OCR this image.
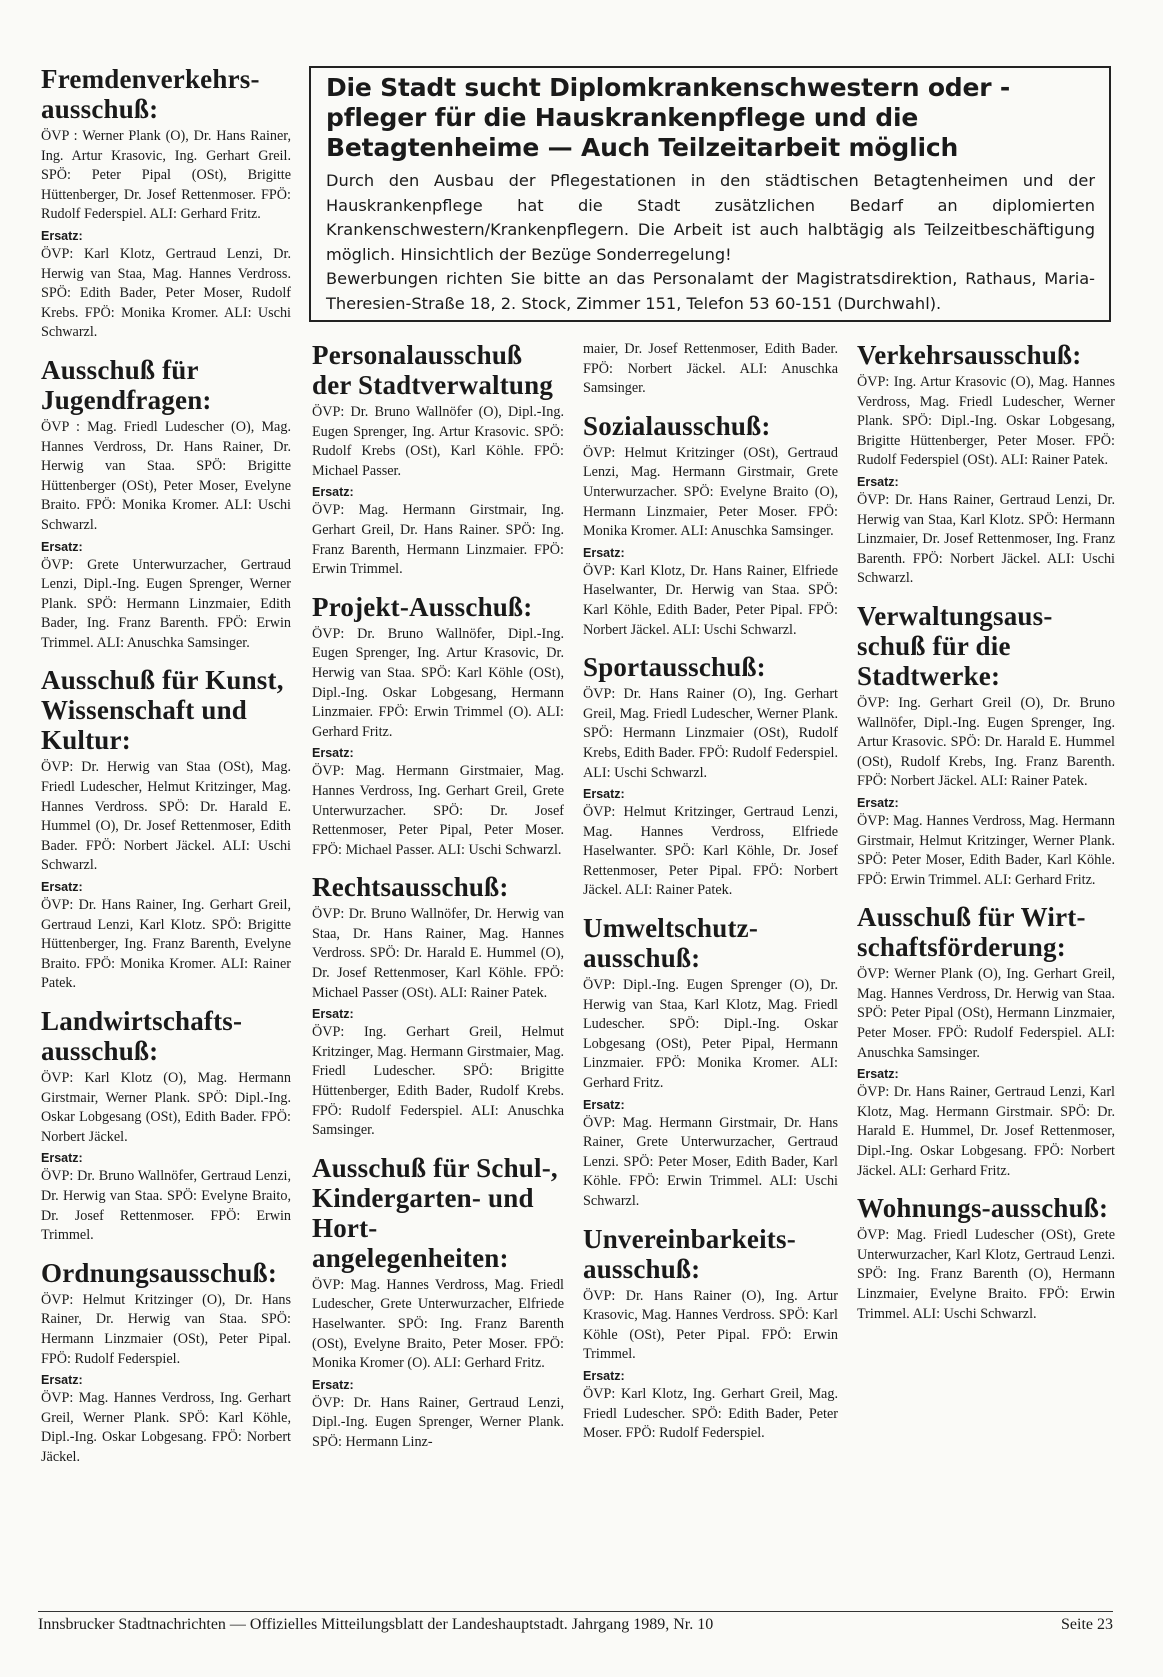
Die Stadt sucht Diplomkrankenschwestern oder -pfleger für die Hauskrankenpflege und die Betagtenheime — Auch Teilzeitarbeit möglich

Durch den Ausbau der Pflegestationen in den städtischen Betagtenheimen und der Hauskrankenpflege hat die Stadt zusätzlichen Bedarf an diplomierten Krankenschwestern/Krankenpflegern. Die Arbeit ist auch halbtägig als Teilzeitbeschäftigung möglich. Hinsichtlich der Bezüge Sonderregelung!

Bewerbungen richten Sie bitte an das Personalamt der Magistratsdirektion, Rathaus, Maria-Theresien-Straße 18, 2. Stock, Zimmer 151, Telefon 53 60-151 (Durchwahl).

Fremdenverkehrs-ausschuß:

ÖVP : Werner Plank (O), Dr. Hans Rainer, Ing. Artur Krasovic, Ing. Gerhart Greil. SPÖ: Peter Pipal (OSt), Brigitte Hüttenberger, Dr. Josef Rettenmoser. FPÖ: Rudolf Federspiel. ALI: Gerhard Fritz.

Ersatz:

ÖVP: Karl Klotz, Gertraud Lenzi, Dr. Herwig van Staa, Mag. Hannes Verdross. SPÖ: Edith Bader, Peter Moser, Rudolf Krebs. FPÖ: Monika Kromer. ALI: Uschi Schwarzl.

Ausschuß für Jugendfragen:

ÖVP : Mag. Friedl Ludescher (O), Mag. Hannes Verdross, Dr. Hans Rainer, Dr. Herwig van Staa. SPÖ: Brigitte Hüttenberger (OSt), Peter Moser, Evelyne Braito. FPÖ: Monika Kromer. ALI: Uschi Schwarzl.

Ersatz:

ÖVP: Grete Unterwurzacher, Gertraud Lenzi, Dipl.-Ing. Eugen Sprenger, Werner Plank. SPÖ: Hermann Linzmaier, Edith Bader, Ing. Franz Barenth. FPÖ: Erwin Trimmel. ALI: Anuschka Samsinger.

Ausschuß für Kunst, Wissenschaft und Kultur:

ÖVP: Dr. Herwig van Staa (OSt), Mag. Friedl Ludescher, Helmut Kritzinger, Mag. Hannes Verdross. SPÖ: Dr. Harald E. Hummel (O), Dr. Josef Rettenmoser, Edith Bader. FPÖ: Norbert Jäckel. ALI: Uschi Schwarzl.

Ersatz:

ÖVP: Dr. Hans Rainer, Ing. Gerhart Greil, Gertraud Lenzi, Karl Klotz. SPÖ: Brigitte Hüttenberger, Ing. Franz Barenth, Evelyne Braito. FPÖ: Monika Kromer. ALI: Rainer Patek.

Landwirtschafts-ausschuß:

ÖVP: Karl Klotz (O), Mag. Hermann Girstmair, Werner Plank. SPÖ: Dipl.-Ing. Oskar Lobgesang (OSt), Edith Bader. FPÖ: Norbert Jäckel.

Ersatz:

ÖVP: Dr. Bruno Wallnöfer, Gertraud Lenzi, Dr. Herwig van Staa. SPÖ: Evelyne Braito, Dr. Josef Rettenmoser. FPÖ: Erwin Trimmel.

Ordnungsausschuß:

ÖVP: Helmut Kritzinger (O), Dr. Hans Rainer, Dr. Herwig van Staa. SPÖ: Hermann Linzmaier (OSt), Peter Pipal. FPÖ: Rudolf Federspiel.

Ersatz:

ÖVP: Mag. Hannes Verdross, Ing. Gerhart Greil, Werner Plank. SPÖ: Karl Köhle, Dipl.-Ing. Oskar Lobgesang. FPÖ: Norbert Jäckel.

Personalausschuß der Stadtverwaltung

ÖVP: Dr. Bruno Wallnöfer (O), Dipl.-Ing. Eugen Sprenger, Ing. Artur Krasovic. SPÖ: Rudolf Krebs (OSt), Karl Köhle. FPÖ: Michael Passer.

Ersatz:

ÖVP: Mag. Hermann Girstmair, Ing. Gerhart Greil, Dr. Hans Rainer. SPÖ: Ing. Franz Barenth, Hermann Linzmaier. FPÖ: Erwin Trimmel.

Projekt-Ausschuß:

ÖVP: Dr. Bruno Wallnöfer, Dipl.-Ing. Eugen Sprenger, Ing. Artur Krasovic, Dr. Herwig van Staa. SPÖ: Karl Köhle (OSt), Dipl.-Ing. Oskar Lobgesang, Hermann Linzmaier. FPÖ: Erwin Trimmel (O). ALI: Gerhard Fritz.

Ersatz:

ÖVP: Mag. Hermann Girstmaier, Mag. Hannes Verdross, Ing. Gerhart Greil, Grete Unterwurzacher. SPÖ: Dr. Josef Rettenmoser, Peter Pipal, Peter Moser. FPÖ: Michael Passer. ALI: Uschi Schwarzl.

Rechtsausschuß:

ÖVP: Dr. Bruno Wallnöfer, Dr. Herwig van Staa, Dr. Hans Rainer, Mag. Hannes Verdross. SPÖ: Dr. Harald E. Hummel (O), Dr. Josef Rettenmoser, Karl Köhle. FPÖ: Michael Passer (OSt). ALI: Rainer Patek.

Ersatz:

ÖVP: Ing. Gerhart Greil, Helmut Kritzinger, Mag. Hermann Girstmaier, Mag. Friedl Ludescher. SPÖ: Brigitte Hüttenberger, Edith Bader, Rudolf Krebs. FPÖ: Rudolf Federspiel. ALI: Anuschka Samsinger.

Ausschuß für Schul-, Kindergarten- und Hort-angelegenheiten:

ÖVP: Mag. Hannes Verdross, Mag. Friedl Ludescher, Grete Unterwurzacher, Elfriede Haselwanter. SPÖ: Ing. Franz Barenth (OSt), Evelyne Braito, Peter Moser. FPÖ: Monika Kromer (O). ALI: Gerhard Fritz.

Ersatz:

ÖVP: Dr. Hans Rainer, Gertraud Lenzi, Dipl.-Ing. Eugen Sprenger, Werner Plank. SPÖ: Hermann Linz-

maier, Dr. Josef Rettenmoser, Edith Bader. FPÖ: Norbert Jäckel. ALI: Anuschka Samsinger.

Sozialausschuß:

ÖVP: Helmut Kritzinger (OSt), Gertraud Lenzi, Mag. Hermann Girstmair, Grete Unterwurzacher. SPÖ: Evelyne Braito (O), Hermann Linzmaier, Peter Moser. FPÖ: Monika Kromer. ALI: Anuschka Samsinger.

Ersatz:

ÖVP: Karl Klotz, Dr. Hans Rainer, Elfriede Haselwanter, Dr. Herwig van Staa. SPÖ: Karl Köhle, Edith Bader, Peter Pipal. FPÖ: Norbert Jäckel. ALI: Uschi Schwarzl.

Sportausschuß:

ÖVP: Dr. Hans Rainer (O), Ing. Gerhart Greil, Mag. Friedl Ludescher, Werner Plank. SPÖ: Hermann Linzmaier (OSt), Rudolf Krebs, Edith Bader. FPÖ: Rudolf Federspiel. ALI: Uschi Schwarzl.

Ersatz:

ÖVP: Helmut Kritzinger, Gertraud Lenzi, Mag. Hannes Verdross, Elfriede Haselwanter. SPÖ: Karl Köhle, Dr. Josef Rettenmoser, Peter Pipal. FPÖ: Norbert Jäckel. ALI: Rainer Patek.

Umweltschutz-ausschuß:

ÖVP: Dipl.-Ing. Eugen Sprenger (O), Dr. Herwig van Staa, Karl Klotz, Mag. Friedl Ludescher. SPÖ: Dipl.-Ing. Oskar Lobgesang (OSt), Peter Pipal, Hermann Linzmaier. FPÖ: Monika Kromer. ALI: Gerhard Fritz.

Ersatz:

ÖVP: Mag. Hermann Girstmair, Dr. Hans Rainer, Grete Unterwurzacher, Gertraud Lenzi. SPÖ: Peter Moser, Edith Bader, Karl Köhle. FPÖ: Erwin Trimmel. ALI: Uschi Schwarzl.

Unvereinbarkeits-ausschuß:

ÖVP: Dr. Hans Rainer (O), Ing. Artur Krasovic, Mag. Hannes Verdross. SPÖ: Karl Köhle (OSt), Peter Pipal. FPÖ: Erwin Trimmel.

Ersatz:

ÖVP: Karl Klotz, Ing. Gerhart Greil, Mag. Friedl Ludescher. SPÖ: Edith Bader, Peter Moser. FPÖ: Rudolf Federspiel.

Verkehrsausschuß:

ÖVP: Ing. Artur Krasovic (O), Mag. Hannes Verdross, Mag. Friedl Ludescher, Werner Plank. SPÖ: Dipl.-Ing. Oskar Lobgesang, Brigitte Hüttenberger, Peter Moser. FPÖ: Rudolf Federspiel (OSt). ALI: Rainer Patek.

Ersatz:

ÖVP: Dr. Hans Rainer, Gertraud Lenzi, Dr. Herwig van Staa, Karl Klotz. SPÖ: Hermann Linzmaier, Dr. Josef Rettenmoser, Ing. Franz Barenth. FPÖ: Norbert Jäckel. ALI: Uschi Schwarzl.

Verwaltungsaus-schuß für die Stadtwerke:

ÖVP: Ing. Gerhart Greil (O), Dr. Bruno Wallnöfer, Dipl.-Ing. Eugen Sprenger, Ing. Artur Krasovic. SPÖ: Dr. Harald E. Hummel (OSt), Rudolf Krebs, Ing. Franz Barenth. FPÖ: Norbert Jäckel. ALI: Rainer Patek.

Ersatz:

ÖVP: Mag. Hannes Verdross, Mag. Hermann Girstmair, Helmut Kritzinger, Werner Plank. SPÖ: Peter Moser, Edith Bader, Karl Köhle. FPÖ: Erwin Trimmel. ALI: Gerhard Fritz.

Ausschuß für Wirt-schaftsförderung:

ÖVP: Werner Plank (O), Ing. Gerhart Greil, Mag. Hannes Verdross, Dr. Herwig van Staa. SPÖ: Peter Pipal (OSt), Hermann Linzmaier, Peter Moser. FPÖ: Rudolf Federspiel. ALI: Anuschka Samsinger.

Ersatz:

ÖVP: Dr. Hans Rainer, Gertraud Lenzi, Karl Klotz, Mag. Hermann Girstmair. SPÖ: Dr. Harald E. Hummel, Dr. Josef Rettenmoser, Dipl.-Ing. Oskar Lobgesang. FPÖ: Norbert Jäckel. ALI: Gerhard Fritz.

Wohnungs-ausschuß:

ÖVP: Mag. Friedl Ludescher (OSt), Grete Unterwurzacher, Karl Klotz, Gertraud Lenzi. SPÖ: Ing. Franz Barenth (O), Hermann Linzmaier, Evelyne Braito. FPÖ: Erwin Trimmel. ALI: Uschi Schwarzl.

Innsbrucker Stadtnachrichten — Offizielles Mitteilungsblatt der Landeshauptstadt. Jahrgang 1989, Nr. 10	Seite 23
